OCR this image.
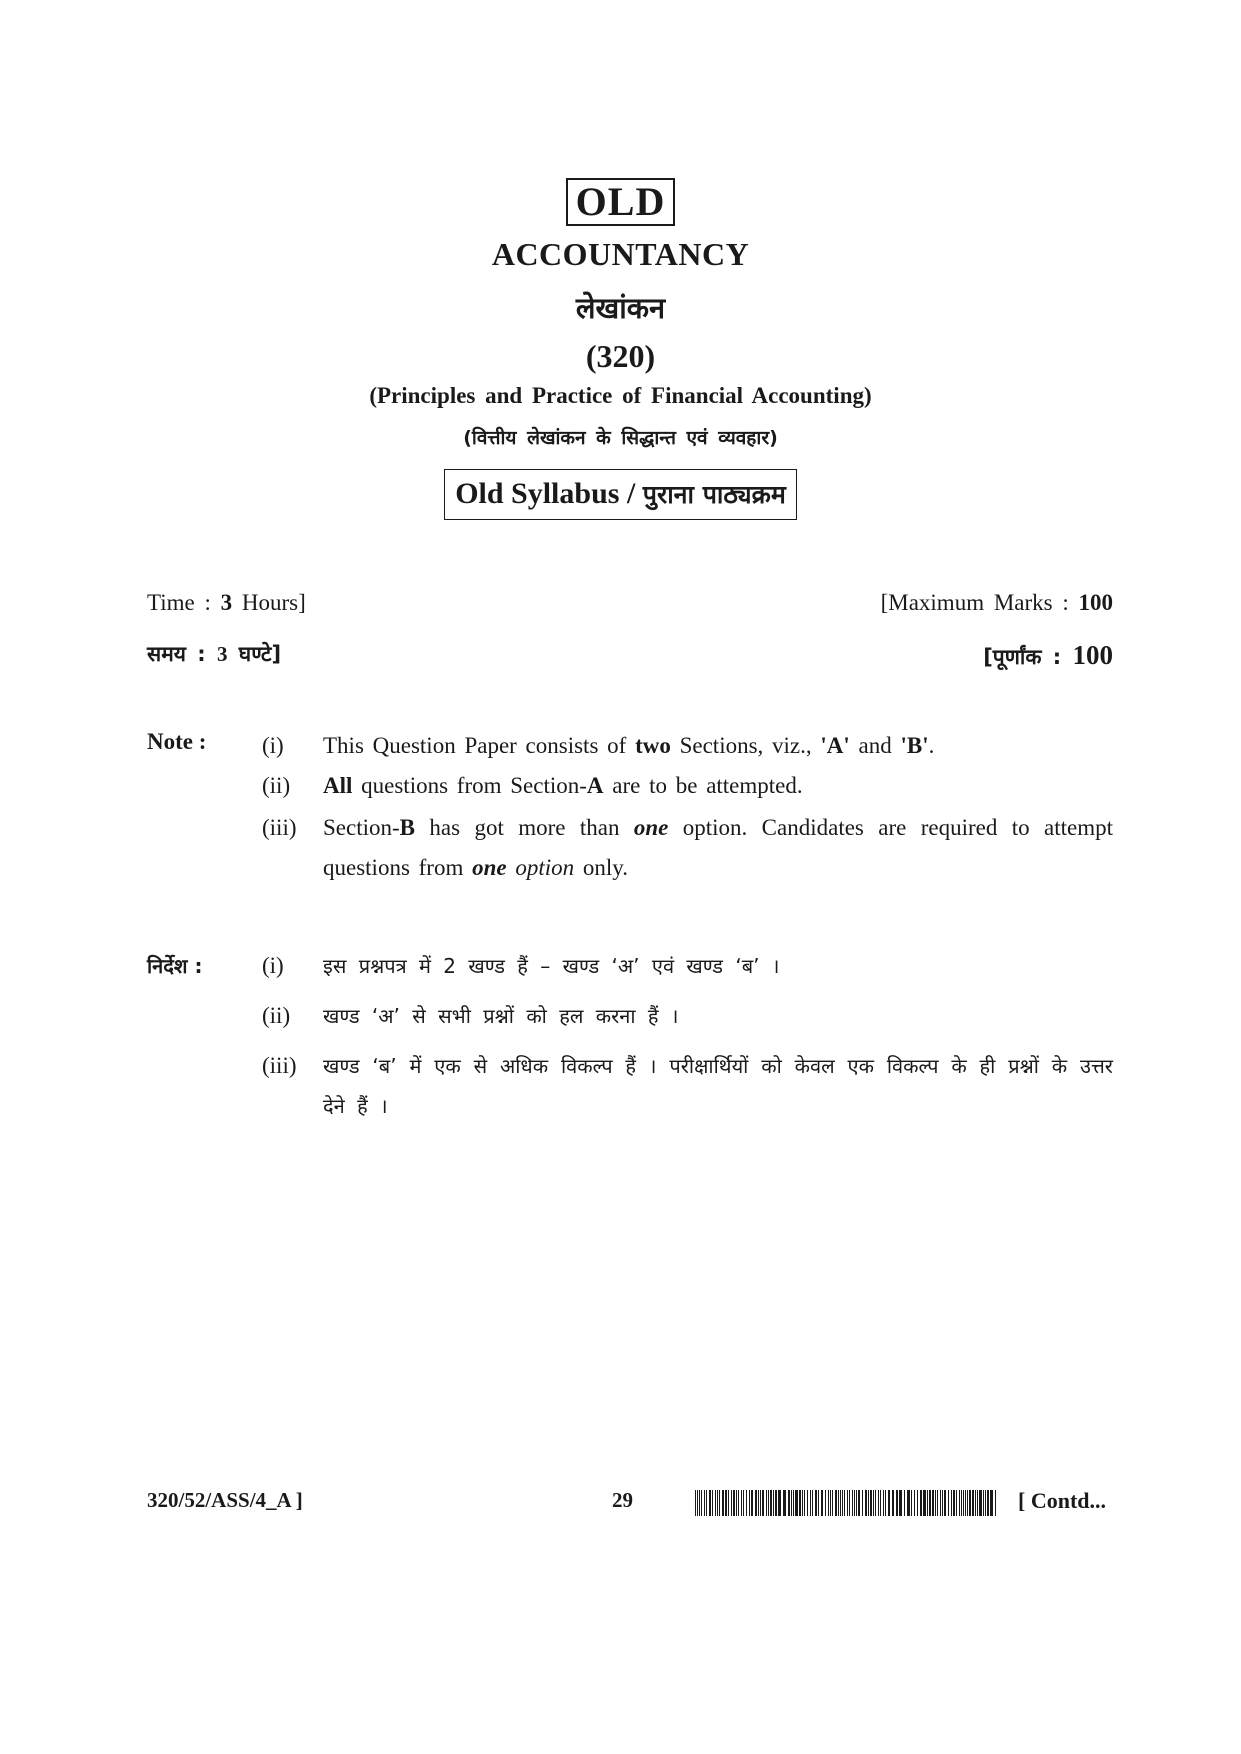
OLD
ACCOUNTANCY
लेखांकन
(320)
(Principles and Practice of Financial Accounting)
(वित्तीय लेखांकन के सिद्धान्त एवं व्यवहार)
Old Syllabus / पुराना पाठ्यक्रम
Time : 3 Hours]	[Maximum Marks : 100
समय : 3 घण्टे]	[पूर्णांक : 100
Note : (i)	This Question Paper consists of two Sections, viz., 'A' and 'B'.
(ii)	All questions from Section-A are to be attempted.
(iii)	Section-B has got more than one option. Candidates are required to attempt questions from one option only.
निर्देश :	(i)	इस प्रश्नपत्र में 2 खण्ड हैं – खण्ड ‘अ’ एवं खण्ड ‘ब’ ।
(ii)	खण्ड ‘अ’ से सभी प्रश्नों को हल करना हैं ।
(iii)	खण्ड ‘ब’ में एक से अधिक विकल्प हैं । परीक्षार्थियों को केवल एक विकल्प के ही प्रश्नों के उत्तर देने हैं ।
320/52/ASS/4_A ]	29	[ Contd...
